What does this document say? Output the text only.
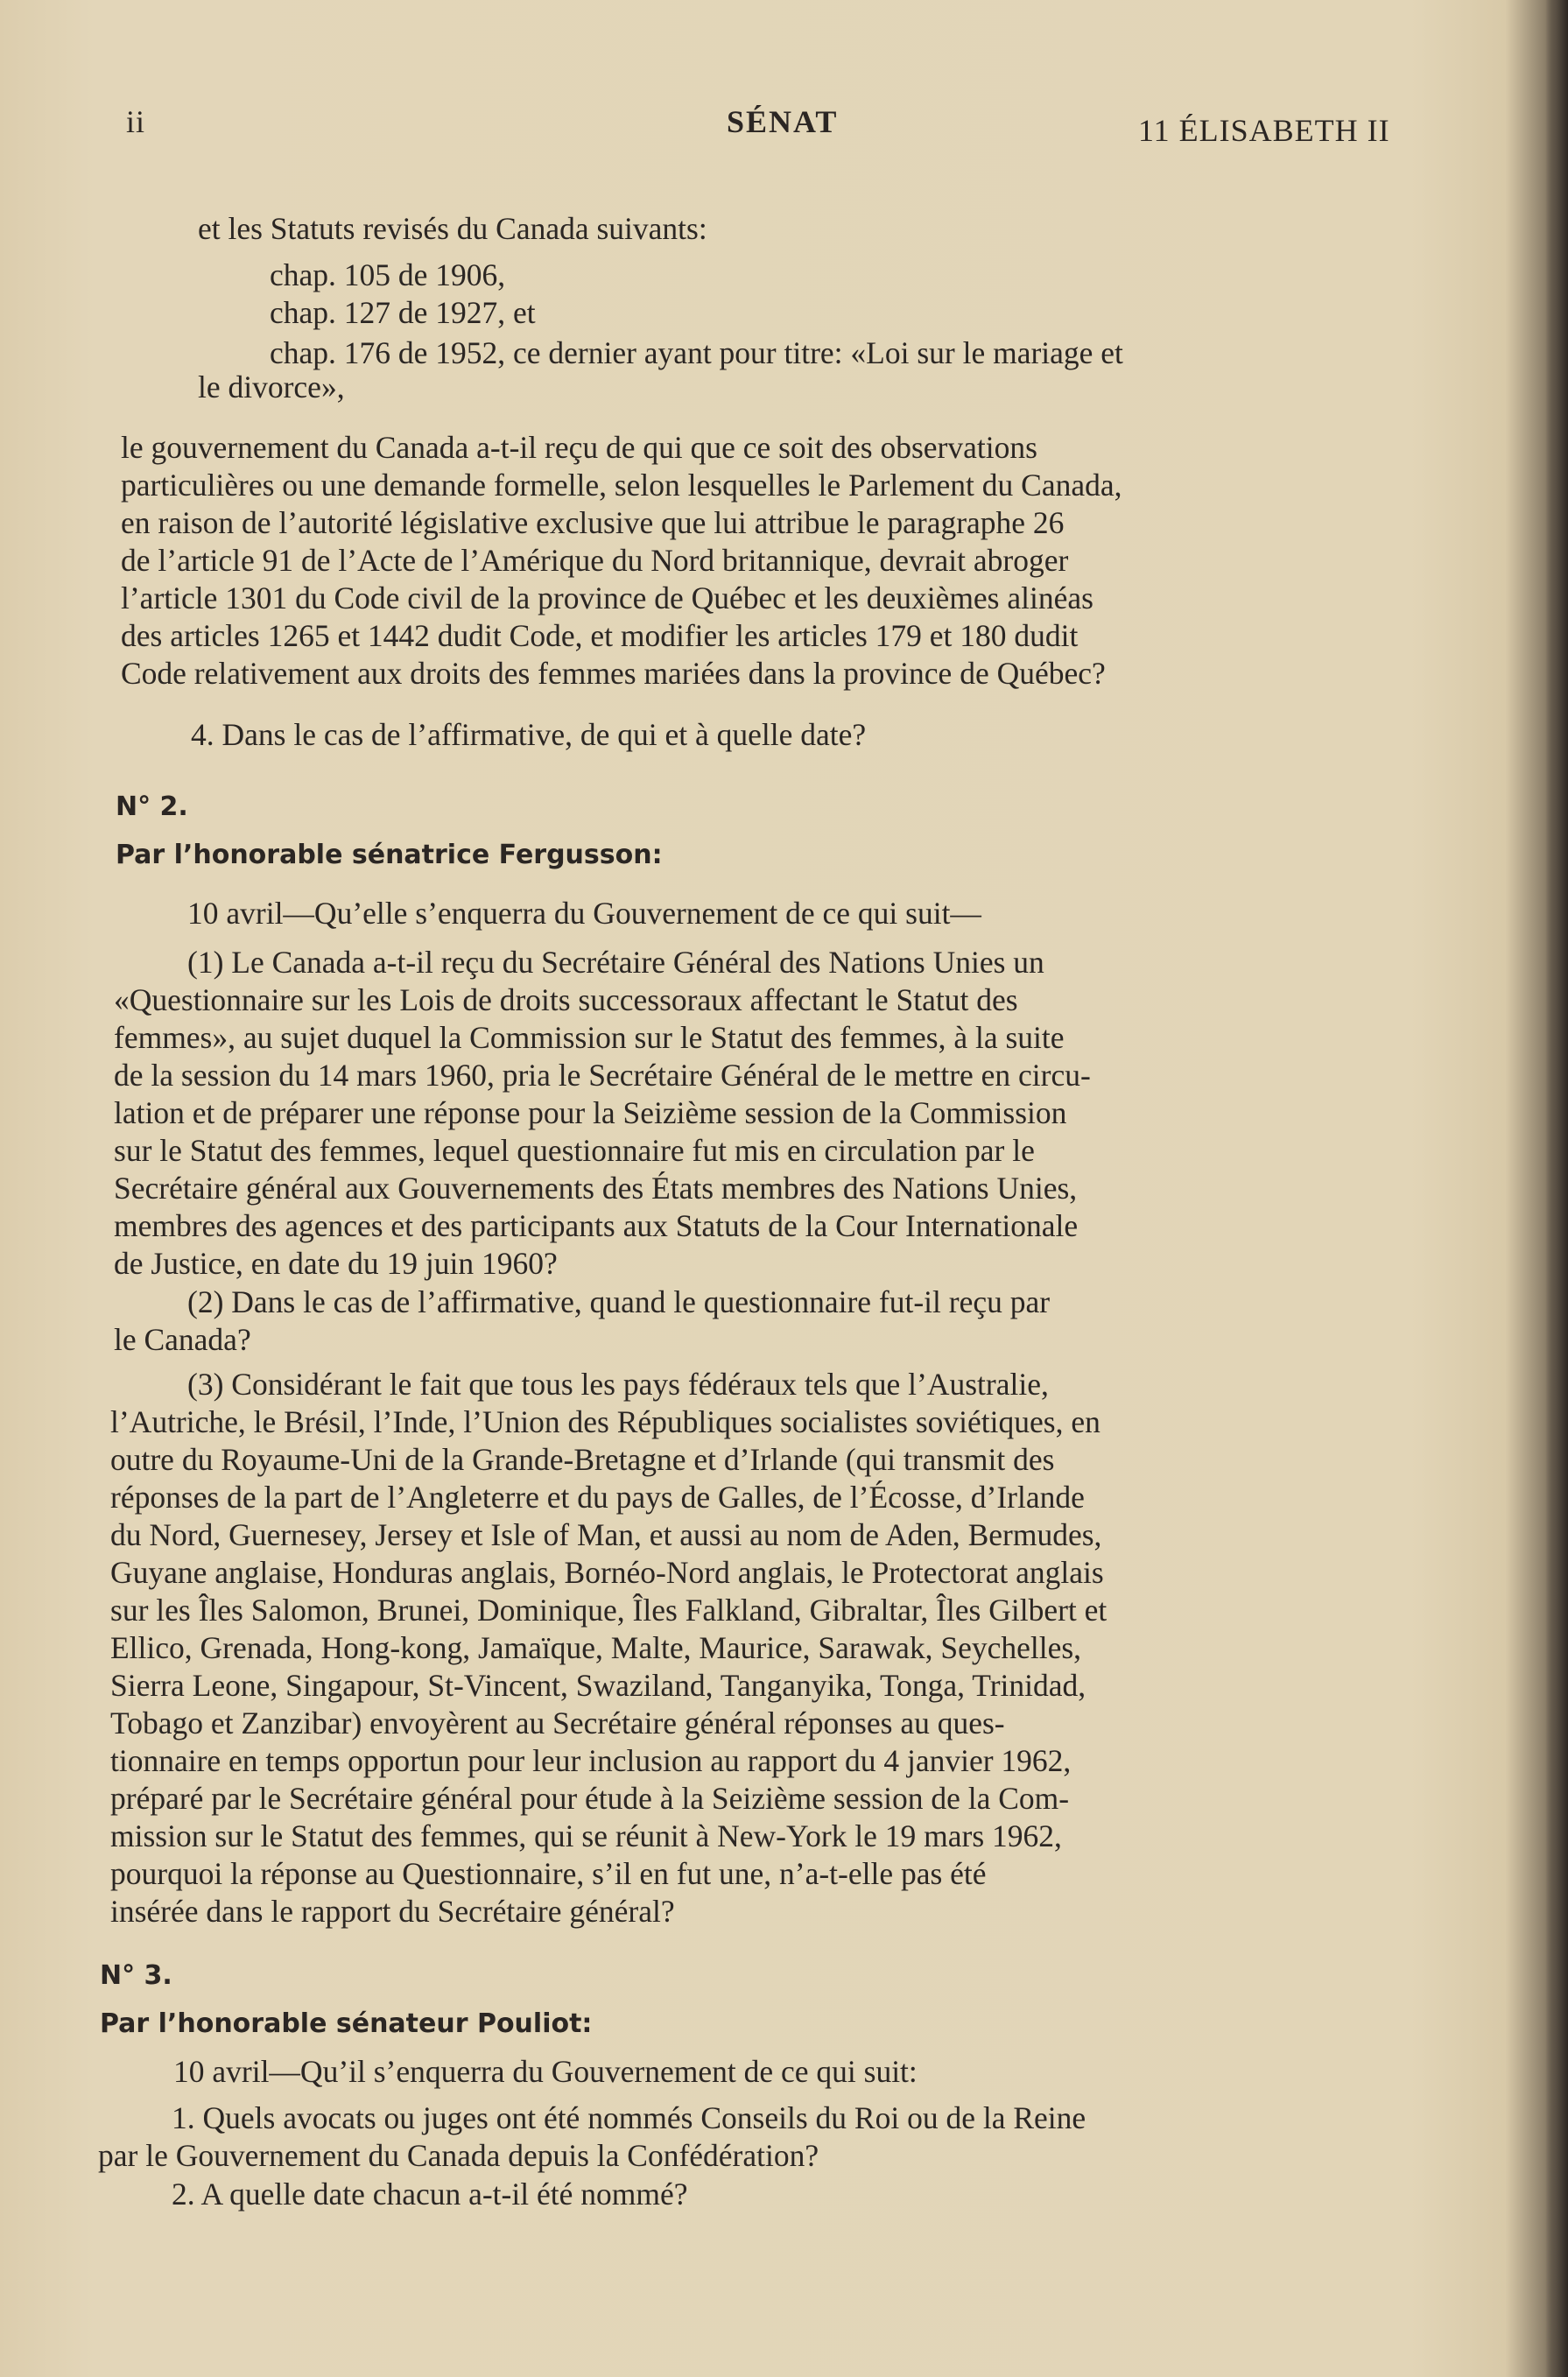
ii	SÉNAT	11 ÉLISABETH II
et les Statuts revisés du Canada suivants:
chap. 105 de 1906,
chap. 127 de 1927, et
chap. 176 de 1952, ce dernier ayant pour titre: «Loi sur le mariage et
le divorce»,
le gouvernement du Canada a-t-il reçu de qui que ce soit des observations
particulières ou une demande formelle, selon lesquelles le Parlement du Canada,
en raison de l’autorité législative exclusive que lui attribue le paragraphe 26
de l’article 91 de l’Acte de l’Amérique du Nord britannique, devrait abroger
l’article 1301 du Code civil de la province de Québec et les deuxièmes alinéas
des articles 1265 et 1442 dudit Code, et modifier les articles 179 et 180 dudit
Code relativement aux droits des femmes mariées dans la province de Québec?
4. Dans le cas de l’affirmative, de qui et à quelle date?
N° 2.
Par l’honorable sénatrice Fergusson:
10 avril—Qu’elle s’enquerra du Gouvernement de ce qui suit—
(1) Le Canada a-t-il reçu du Secrétaire Général des Nations Unies un
«Questionnaire sur les Lois de droits successoraux affectant le Statut des
femmes», au sujet duquel la Commission sur le Statut des femmes, à la suite
de la session du 14 mars 1960, pria le Secrétaire Général de le mettre en circu-
lation et de préparer une réponse pour la Seizième session de la Commission
sur le Statut des femmes, lequel questionnaire fut mis en circulation par le
Secrétaire général aux Gouvernements des États membres des Nations Unies,
membres des agences et des participants aux Statuts de la Cour Internationale
de Justice, en date du 19 juin 1960?
(2) Dans le cas de l’affirmative, quand le questionnaire fut-il reçu par
le Canada?
(3) Considérant le fait que tous les pays fédéraux tels que l’Australie,
l’Autriche, le Brésil, l’Inde, l’Union des Républiques socialistes soviétiques, en
outre du Royaume-Uni de la Grande-Bretagne et d’Irlande (qui transmit des
réponses de la part de l’Angleterre et du pays de Galles, de l’Écosse, d’Irlande
du Nord, Guernesey, Jersey et Isle of Man, et aussi au nom de Aden, Bermudes,
Guyane anglaise, Honduras anglais, Bornéo-Nord anglais, le Protectorat anglais
sur les Îles Salomon, Brunei, Dominique, Îles Falkland, Gibraltar, Îles Gilbert et
Ellico, Grenada, Hong-kong, Jamaïque, Malte, Maurice, Sarawak, Seychelles,
Sierra Leone, Singapour, St-Vincent, Swaziland, Tanganyika, Tonga, Trinidad,
Tobago et Zanzibar) envoyèrent au Secrétaire général réponses au ques-
tionnaire en temps opportun pour leur inclusion au rapport du 4 janvier 1962,
préparé par le Secrétaire général pour étude à la Seizième session de la Com-
mission sur le Statut des femmes, qui se réunit à New-York le 19 mars 1962,
pourquoi la réponse au Questionnaire, s’il en fut une, n’a-t-elle pas été
insérée dans le rapport du Secrétaire général?
N° 3.
Par l’honorable sénateur Pouliot:
10 avril—Qu’il s’enquerra du Gouvernement de ce qui suit:
1. Quels avocats ou juges ont été nommés Conseils du Roi ou de la Reine
par le Gouvernement du Canada depuis la Confédération?
2. A quelle date chacun a-t-il été nommé?
